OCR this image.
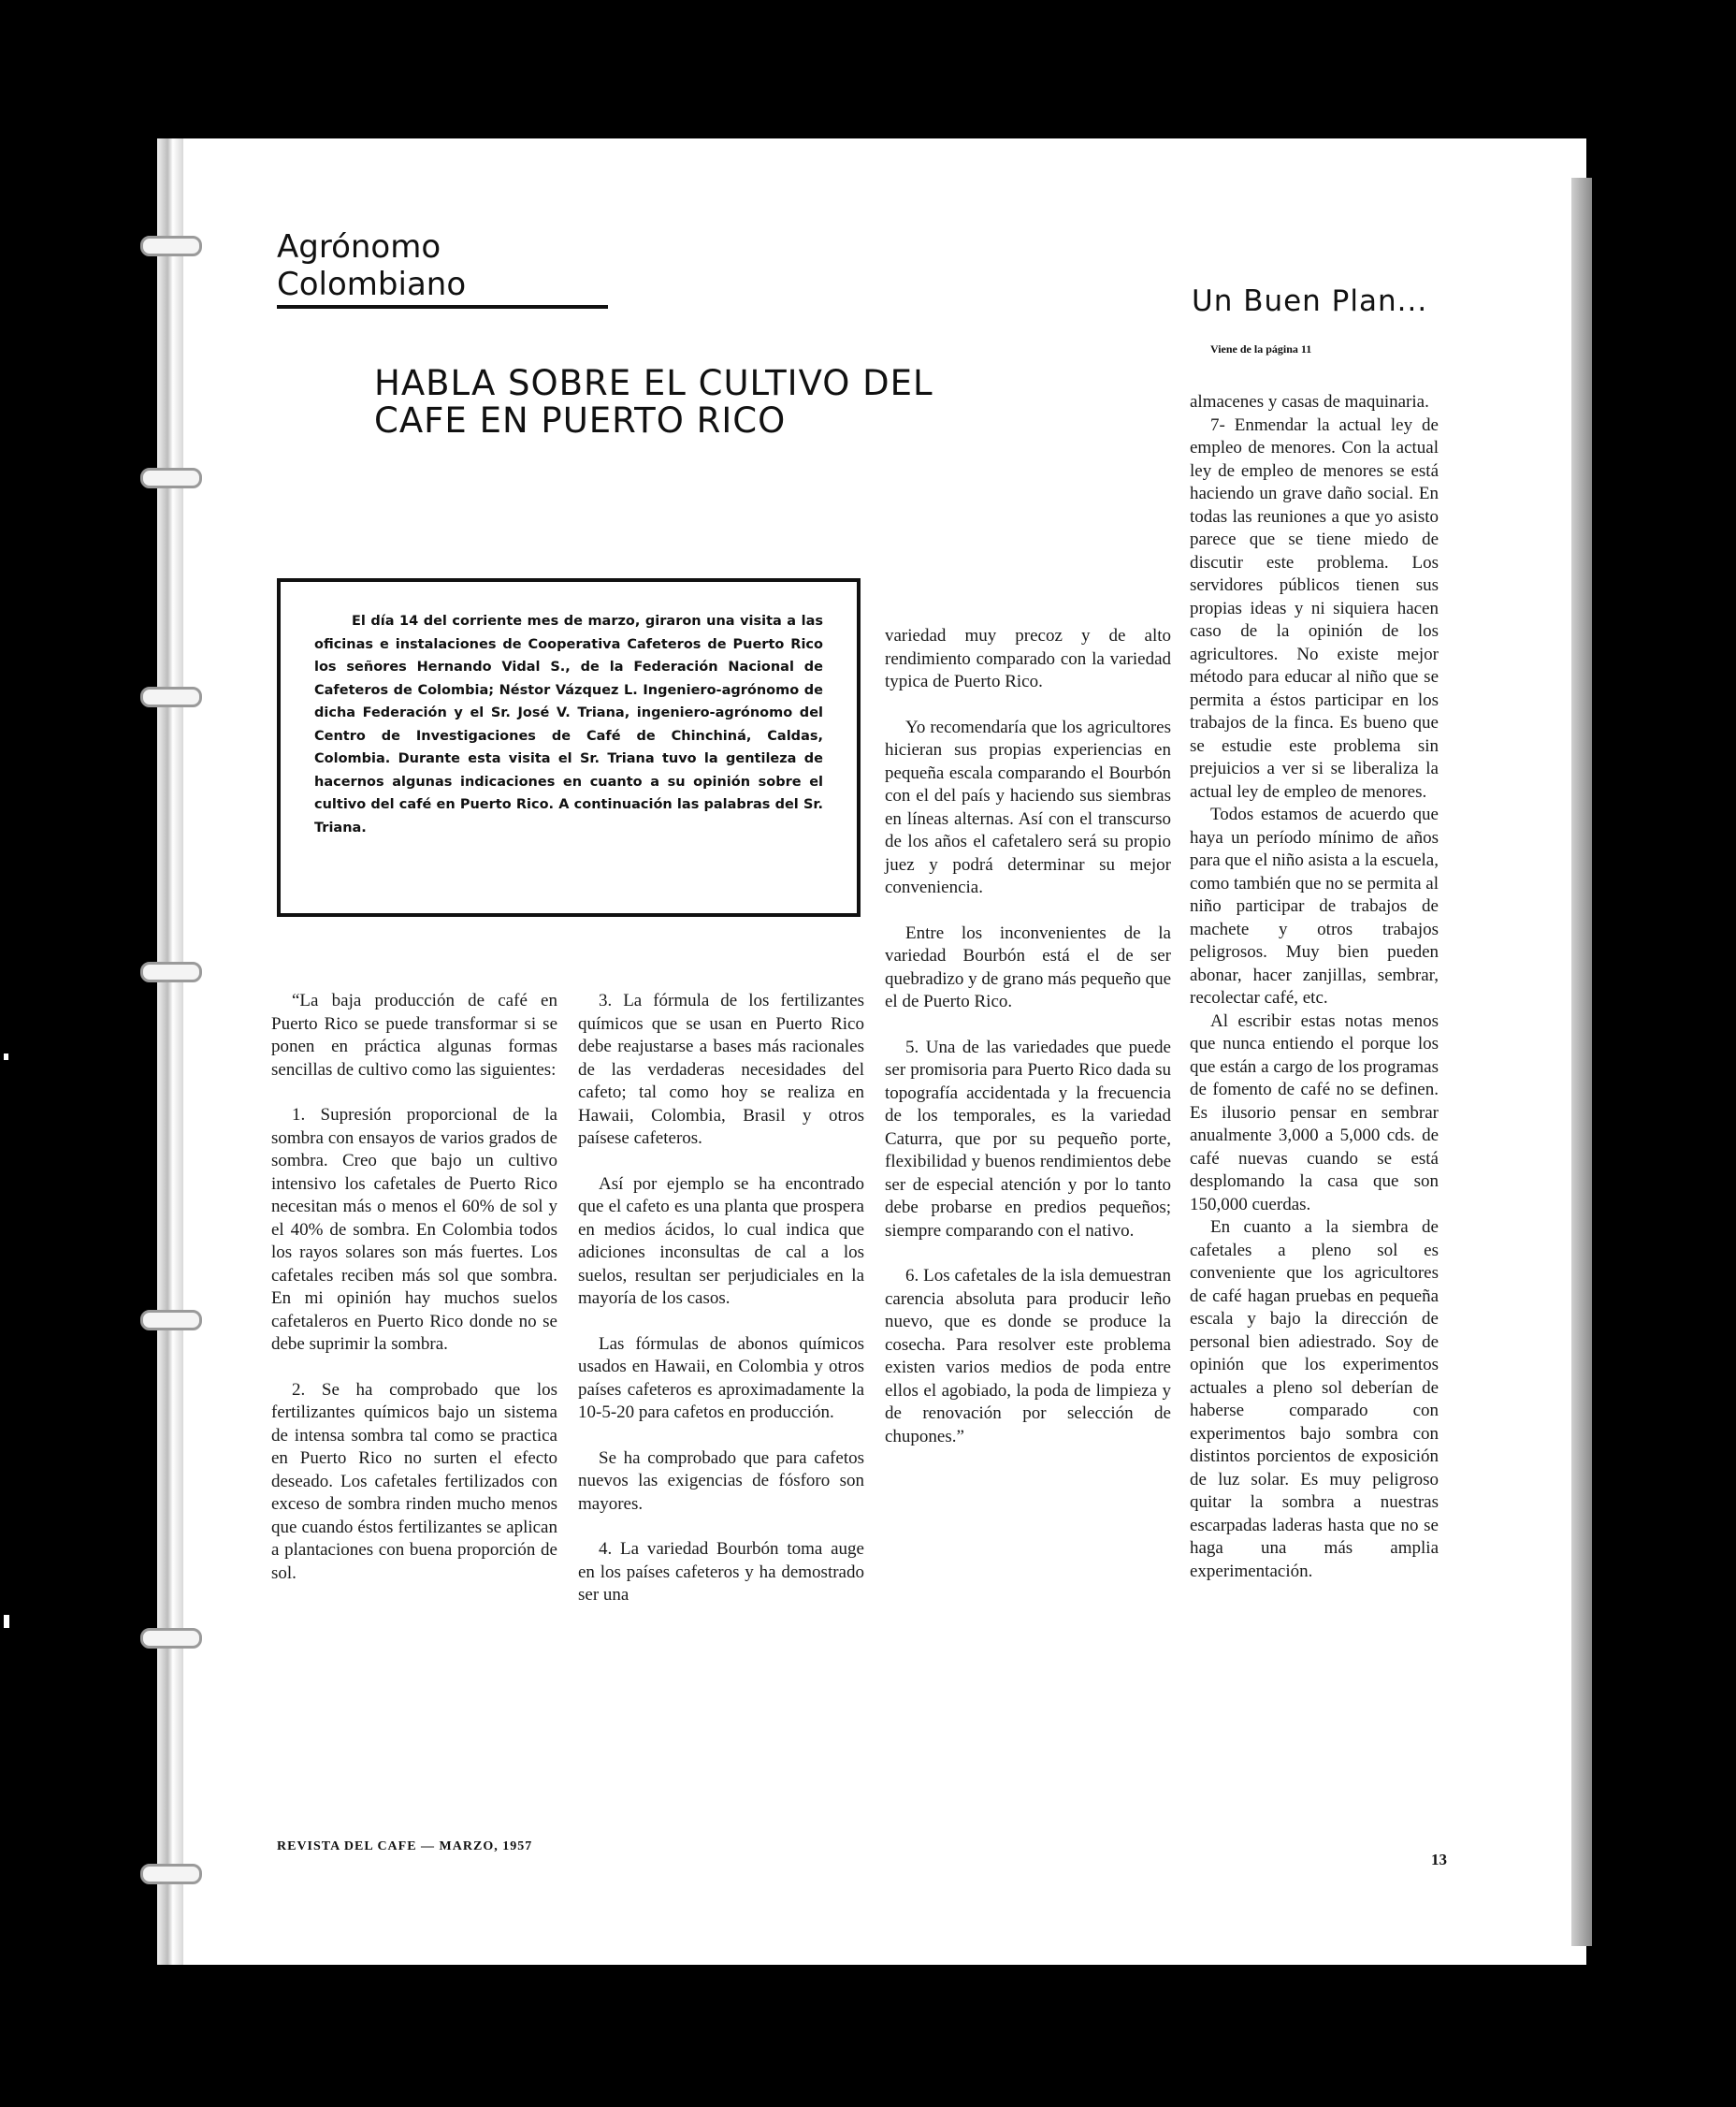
Agrónomo Colombiano	Un Buen Plan...

Viene de la página 11

HABLA SOBRE EL CULTIVO DEL CAFE EN PUERTO RICO

El día 14 del corriente mes de marzo, giraron una visita a las oficinas e instalaciones de Cooperativa Cafeteros de Puerto Rico los señores Hernando Vidal S., de la Federación Nacional de Cafeteros de Colombia; Néstor Vázquez L. Ingeniero-agrónomo de dicha Federación y el Sr. José V. Triana, ingeniero-agrónomo del Centro de Investigaciones de Café de Chinchiná, Caldas, Colombia. Durante esta visita el Sr. Triana tuvo la gentileza de hacernos algunas indicaciones en cuanto a su opinión sobre el cultivo del café en Puerto Rico. A continuación las palabras del Sr. Triana.

“La baja producción de café en Puerto Rico se puede transformar si se ponen en práctica algunas formas sencillas de cultivo como las siguientes:

1. Supresión proporcional de la sombra con ensayos de varios grados de sombra. Creo que bajo un cultivo intensivo los cafetales de Puerto Rico necesitan más o menos el 60% de sol y el 40% de sombra. En Colombia todos los rayos solares son más fuertes. Los cafetales reciben más sol que sombra. En mi opinión hay muchos suelos cafetaleros en Puerto Rico donde no se debe suprimir la sombra.

2. Se ha comprobado que los fertilizantes químicos bajo un sistema de intensa sombra tal como se practica en Puerto Rico no surten el efecto deseado. Los cafetales fertilizados con exceso de sombra rinden mucho menos que cuando éstos fertilizantes se aplican a plantaciones con buena proporción de sol.

3. La fórmula de los fertilizantes químicos que se usan en Puerto Rico debe reajustarse a bases más racionales de las verdaderas necesidades del cafeto; tal como hoy se realiza en Hawaii, Colombia, Brasil y otros paísese cafeteros.

Así por ejemplo se ha encontrado que el cafeto es una planta que prospera en medios ácidos, lo cual indica que adiciones inconsultas de cal a los suelos, resultan ser perjudiciales en la mayoría de los casos.

Las fórmulas de abonos químicos usados en Hawaii, en Colombia y otros países cafeteros es aproximadamente la 10-5-20 para cafetos en producción.

Se ha comprobado que para cafetos nuevos las exigencias de fósforo son mayores.

4. La variedad Bourbón toma auge en los países cafeteros y ha demostrado ser una

variedad muy precoz y de alto rendimiento comparado con la variedad typica de Puerto Rico.

Yo recomendaría que los agricultores hicieran sus propias experiencias en pequeña escala comparando el Bourbón con el del país y haciendo sus siembras en líneas alternas. Así con el transcurso de los años el cafetalero será su propio juez y podrá determinar su mejor conveniencia.

Entre los inconvenientes de la variedad Bourbón está el de ser quebradizo y de grano más pequeño que el de Puerto Rico.

5. Una de las variedades que puede ser promisoria para Puerto Rico dada su topografía accidentada y la frecuencia de los temporales, es la variedad Caturra, que por su pequeño porte, flexibilidad y buenos rendimientos debe ser de especial atención y por lo tanto debe probarse en predios pequeños; siempre comparando con el nativo.

6. Los cafetales de la isla demuestran carencia absoluta para producir leño nuevo, que es donde se produce la cosecha. Para resolver este problema existen varios medios de poda entre ellos el agobiado, la poda de limpieza y de renovación por selección de chupones.”

almacenes y casas de maquinaria.

7- Enmendar la actual ley de empleo de menores. Con la actual ley de empleo de menores se está haciendo un grave daño social. En todas las reuniones a que yo asisto parece que se tiene miedo de discutir este problema. Los servidores públicos tienen sus propias ideas y ni siquiera hacen caso de la opinión de los agricultores. No existe mejor método para educar al niño que se permita a éstos participar en los trabajos de la finca. Es bueno que se estudie este problema sin prejuicios a ver si se liberaliza la actual ley de empleo de menores.

Todos estamos de acuerdo que haya un período mínimo de años para que el niño asista a la escuela, como también que no se permita al niño participar de trabajos de machete y otros trabajos peligrosos. Muy bien pueden abonar, hacer zanjillas, sembrar, recolectar café, etc.

Al escribir estas notas menos que nunca entiendo el porque los que están a cargo de los programas de fomento de café no se definen. Es ilusorio pensar en sembrar anualmente 3,000 a 5,000 cds. de café nuevas cuando se está desplomando la casa que son 150,000 cuerdas.

En cuanto a la siembra de cafetales a pleno sol es conveniente que los agricultores de café hagan pruebas en pequeña escala y bajo la dirección de personal bien adiestrado. Soy de opinión que los experimentos actuales a pleno sol deberían de haberse comparado con experimentos bajo sombra con distintos porcientos de exposición de luz solar. Es muy peligroso quitar la sombra a nuestras escarpadas laderas hasta que no se haga una más amplia experimentación.

REVISTA DEL CAFE — MARZO, 1957

13
